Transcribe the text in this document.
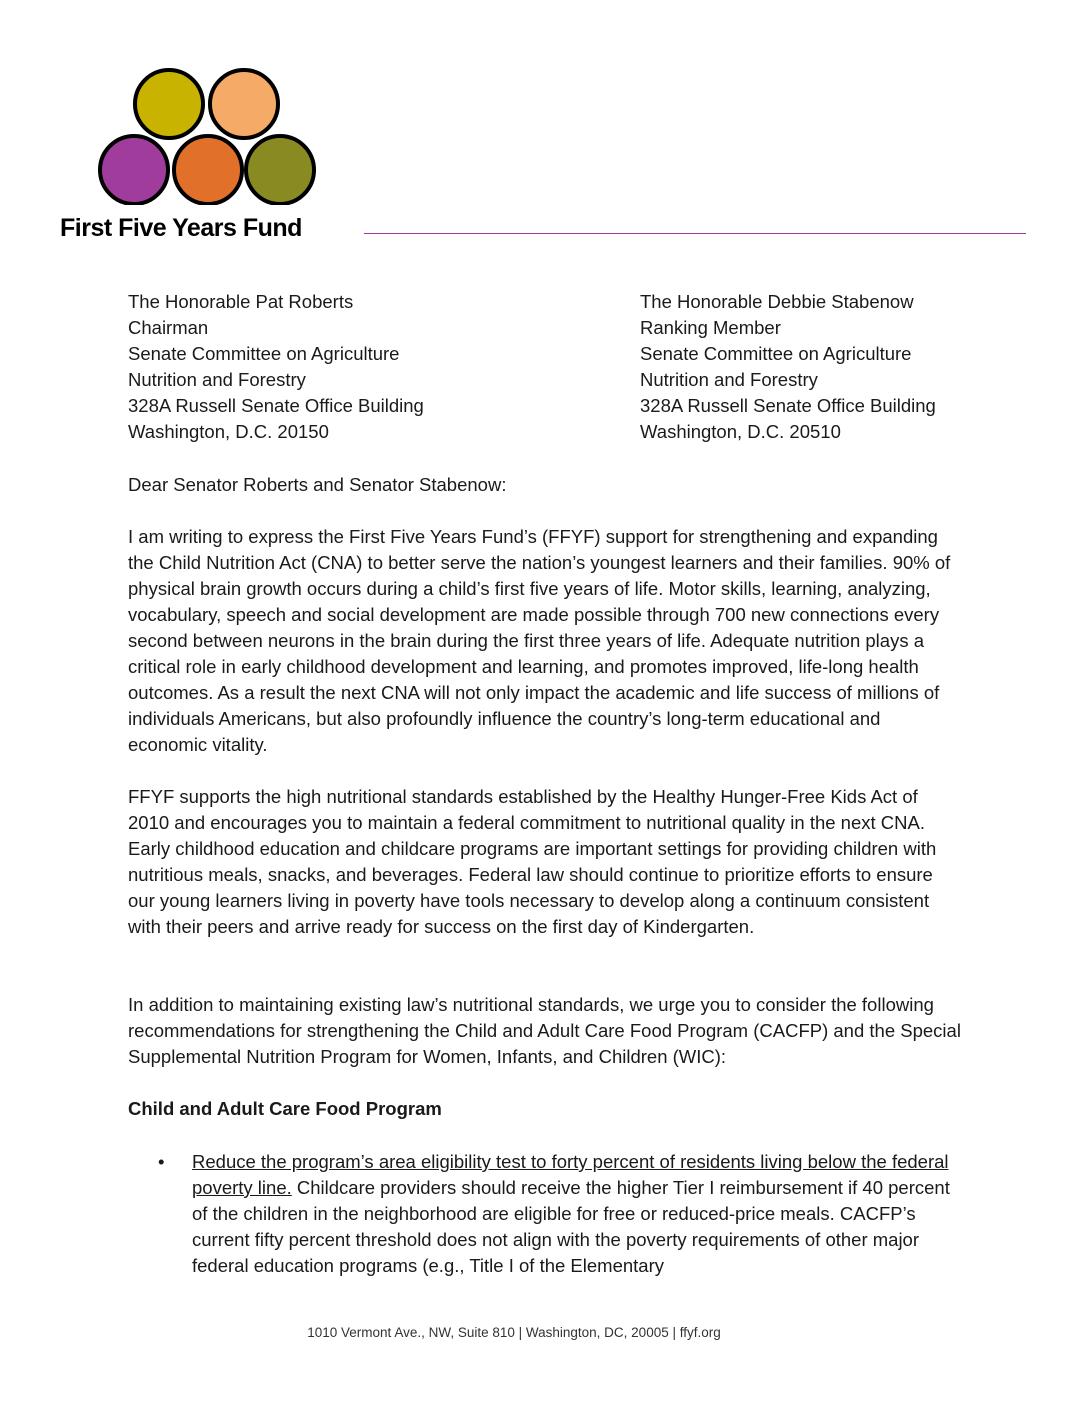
First Five Years Fund
The Honorable Pat Roberts
Chairman
Senate Committee on Agriculture
Nutrition and Forestry
328A Russell Senate Office Building
Washington, D.C. 20150
The Honorable Debbie Stabenow
Ranking Member
Senate Committee on Agriculture
Nutrition and Forestry
328A Russell Senate Office Building
Washington, D.C. 20510

Dear Senator Roberts and Senator Stabenow:

I am writing to express the First Five Years Fund’s (FFYF) support for strengthening and expanding the Child Nutrition Act (CNA) to better serve the nation’s youngest learners and their families. 90% of physical brain growth occurs during a child’s first five years of life. Motor skills, learning, analyzing, vocabulary, speech and social development are made possible through 700 new connections every second between neurons in the brain during the first three years of life. Adequate nutrition plays a critical role in early childhood development and learning, and promotes improved, life-long health outcomes. As a result the next CNA will not only impact the academic and life success of millions of individuals Americans, but also profoundly influence the country’s long-term educational and economic vitality.

FFYF supports the high nutritional standards established by the Healthy Hunger-Free Kids Act of 2010 and encourages you to maintain a federal commitment to nutritional quality in the next CNA. Early childhood education and childcare programs are important settings for providing children with nutritious meals, snacks, and beverages. Federal law should continue to prioritize efforts to ensure our young learners living in poverty have tools necessary to develop along a continuum consistent with their peers and arrive ready for success on the first day of Kindergarten.

In addition to maintaining existing law’s nutritional standards, we urge you to consider the following recommendations for strengthening the Child and Adult Care Food Program (CACFP) and the Special Supplemental Nutrition Program for Women, Infants, and Children (WIC):

Child and Adult Care Food Program
• Reduce the program’s area eligibility test to forty percent of residents living below the federal poverty line. Childcare providers should receive the higher Tier I reimbursement if 40 percent of the children in the neighborhood are eligible for free or reduced-price meals. CACFP’s current fifty percent threshold does not align with the poverty requirements of other major federal education programs (e.g., Title I of the Elementary
1010 Vermont Ave., NW, Suite 810 | Washington, DC, 20005 | ffyf.org
